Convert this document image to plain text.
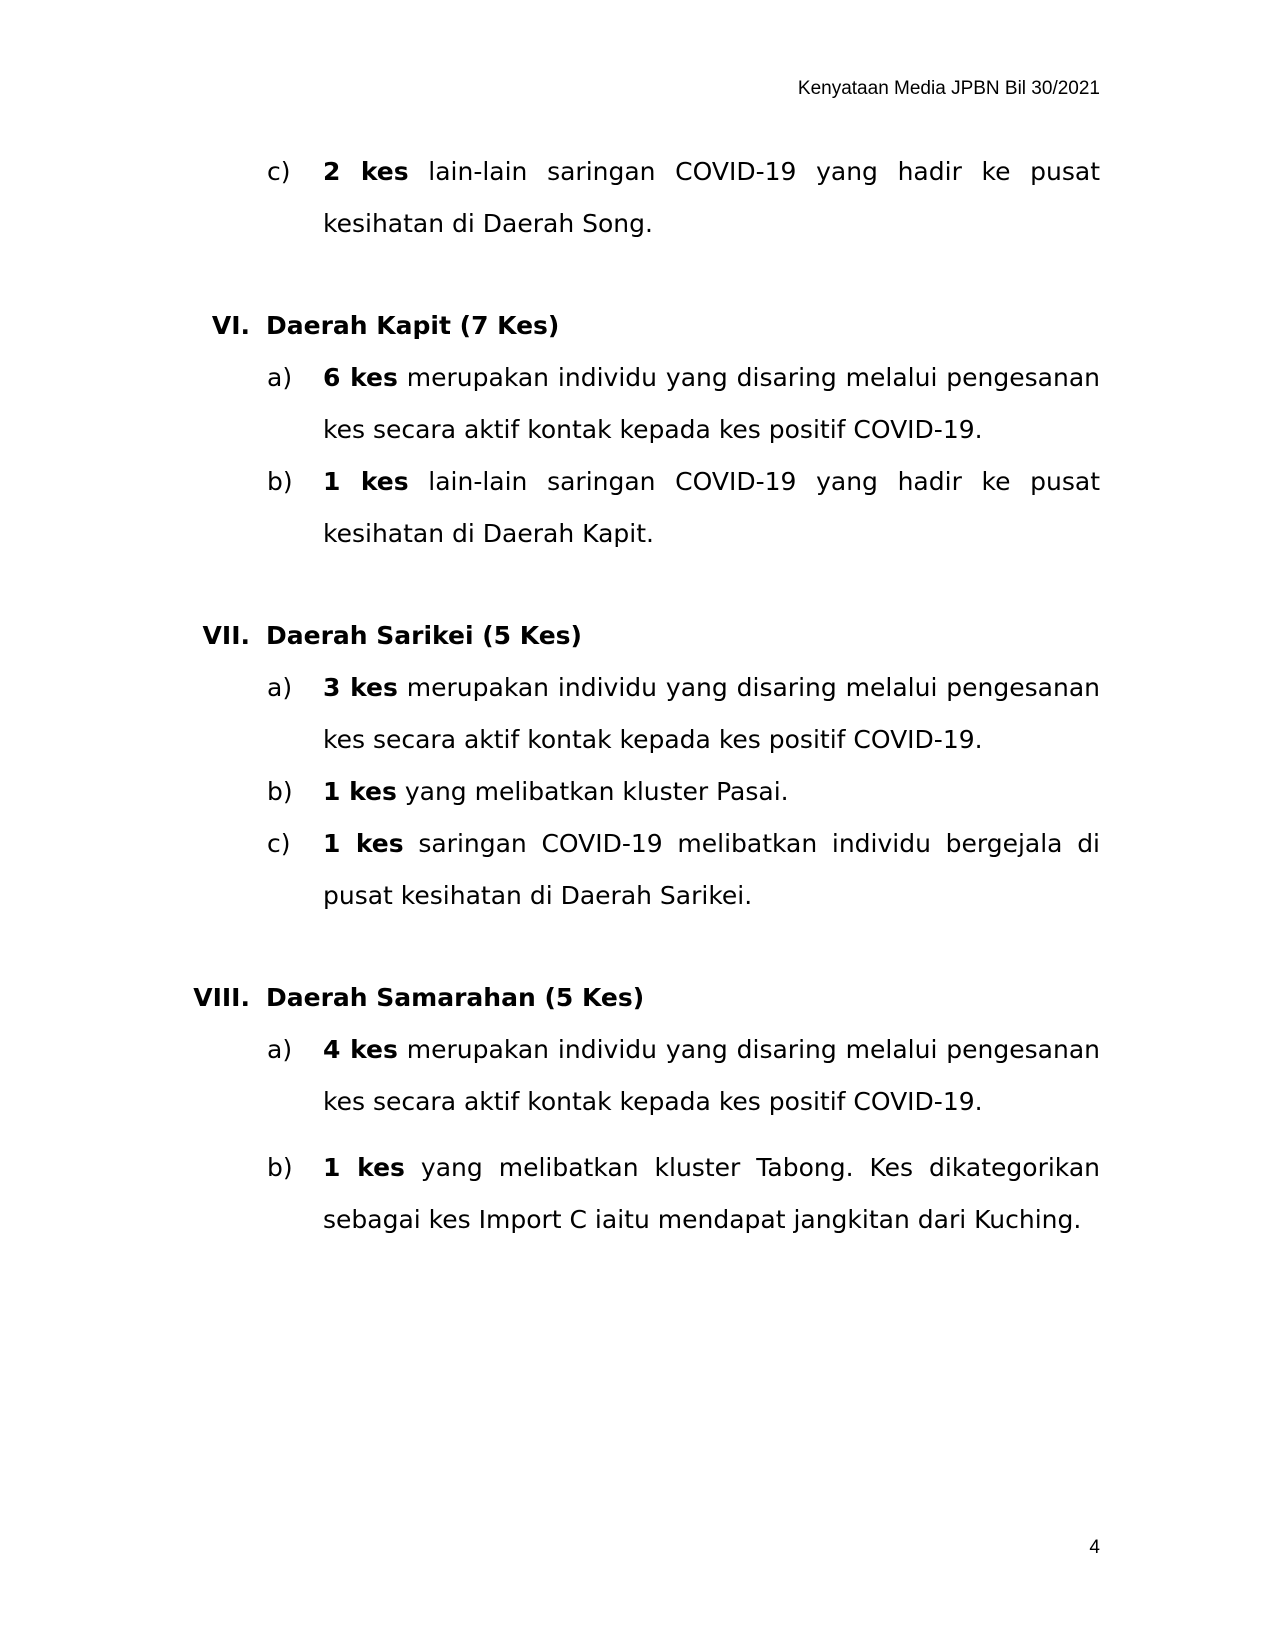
Kenyataan Media JPBN Bil 30/2021
c) 2 kes lain-lain saringan COVID-19 yang hadir ke pusat kesihatan di Daerah Song.
VI. Daerah Kapit (7 Kes)
a) 6 kes merupakan individu yang disaring melalui pengesanan kes secara aktif kontak kepada kes positif COVID-19.
b) 1 kes lain-lain saringan COVID-19 yang hadir ke pusat kesihatan di Daerah Kapit.
VII. Daerah Sarikei (5 Kes)
a) 3 kes merupakan individu yang disaring melalui pengesanan kes secara aktif kontak kepada kes positif COVID-19.
b) 1 kes yang melibatkan kluster Pasai.
c) 1 kes saringan COVID-19 melibatkan individu bergejala di pusat kesihatan di Daerah Sarikei.
VIII. Daerah Samarahan (5 Kes)
a) 4 kes merupakan individu yang disaring melalui pengesanan kes secara aktif kontak kepada kes positif COVID-19.
b) 1 kes yang melibatkan kluster Tabong. Kes dikategorikan sebagai kes Import C iaitu mendapat jangkitan dari Kuching.
4
